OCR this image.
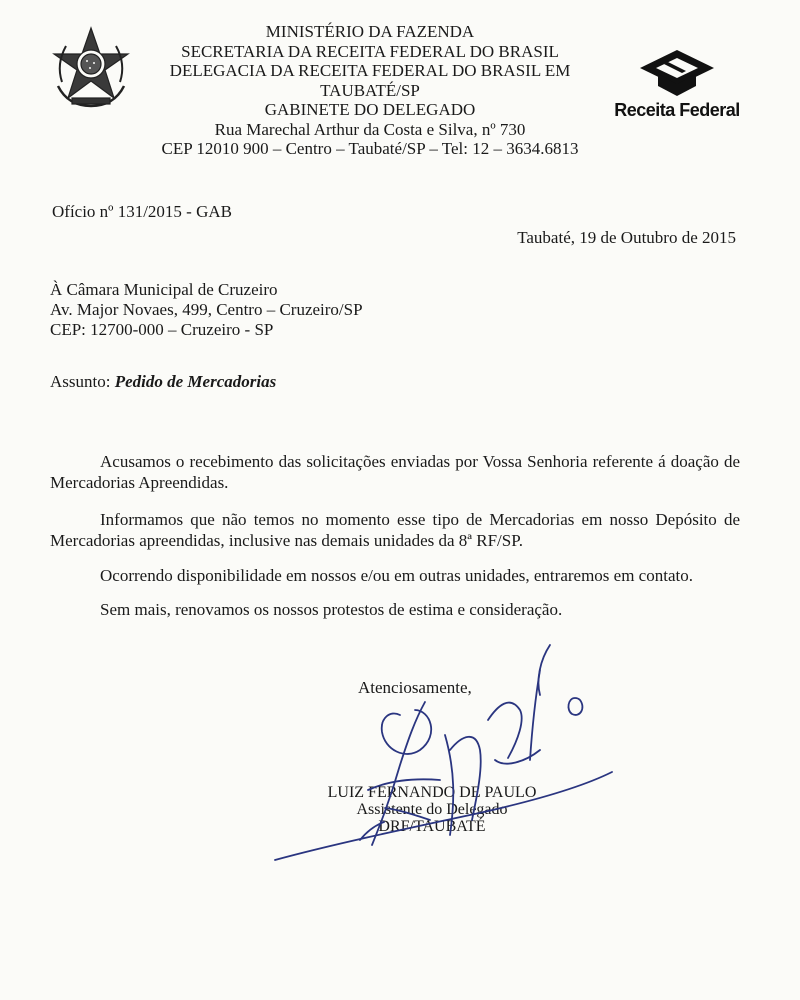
MINISTÉRIO DA FAZENDA
SECRETARIA DA RECEITA FEDERAL DO BRASIL
DELEGACIA DA RECEITA FEDERAL DO BRASIL EM
TAUBATÉ/SP
GABINETE DO DELEGADO
Rua Marechal Arthur da Costa e Silva, nº 730
CEP 12010 900 – Centro – Taubaté/SP – Tel: 12 – 3634.6813
Receita Federal
Ofício nº 131/2015 - GAB
Taubaté, 19 de Outubro de 2015
À Câmara Municipal de Cruzeiro
Av. Major Novaes, 499, Centro – Cruzeiro/SP
CEP: 12700-000 – Cruzeiro - SP
Assunto: Pedido de Mercadorias
Acusamos o recebimento das solicitações enviadas por Vossa Senhoria referente á doação de Mercadorias Apreendidas.
Informamos que não temos no momento esse tipo de Mercadorias em nosso Depósito de Mercadorias apreendidas, inclusive nas demais unidades da 8ª RF/SP.
Ocorrendo disponibilidade em nossos e/ou em outras unidades, entraremos em contato.
Sem mais, renovamos os nossos protestos de estima e consideração.
Atenciosamente,
LUIZ FERNANDO DE PAULO
Assistente do Delegado
DRF/TAUBATÉ
